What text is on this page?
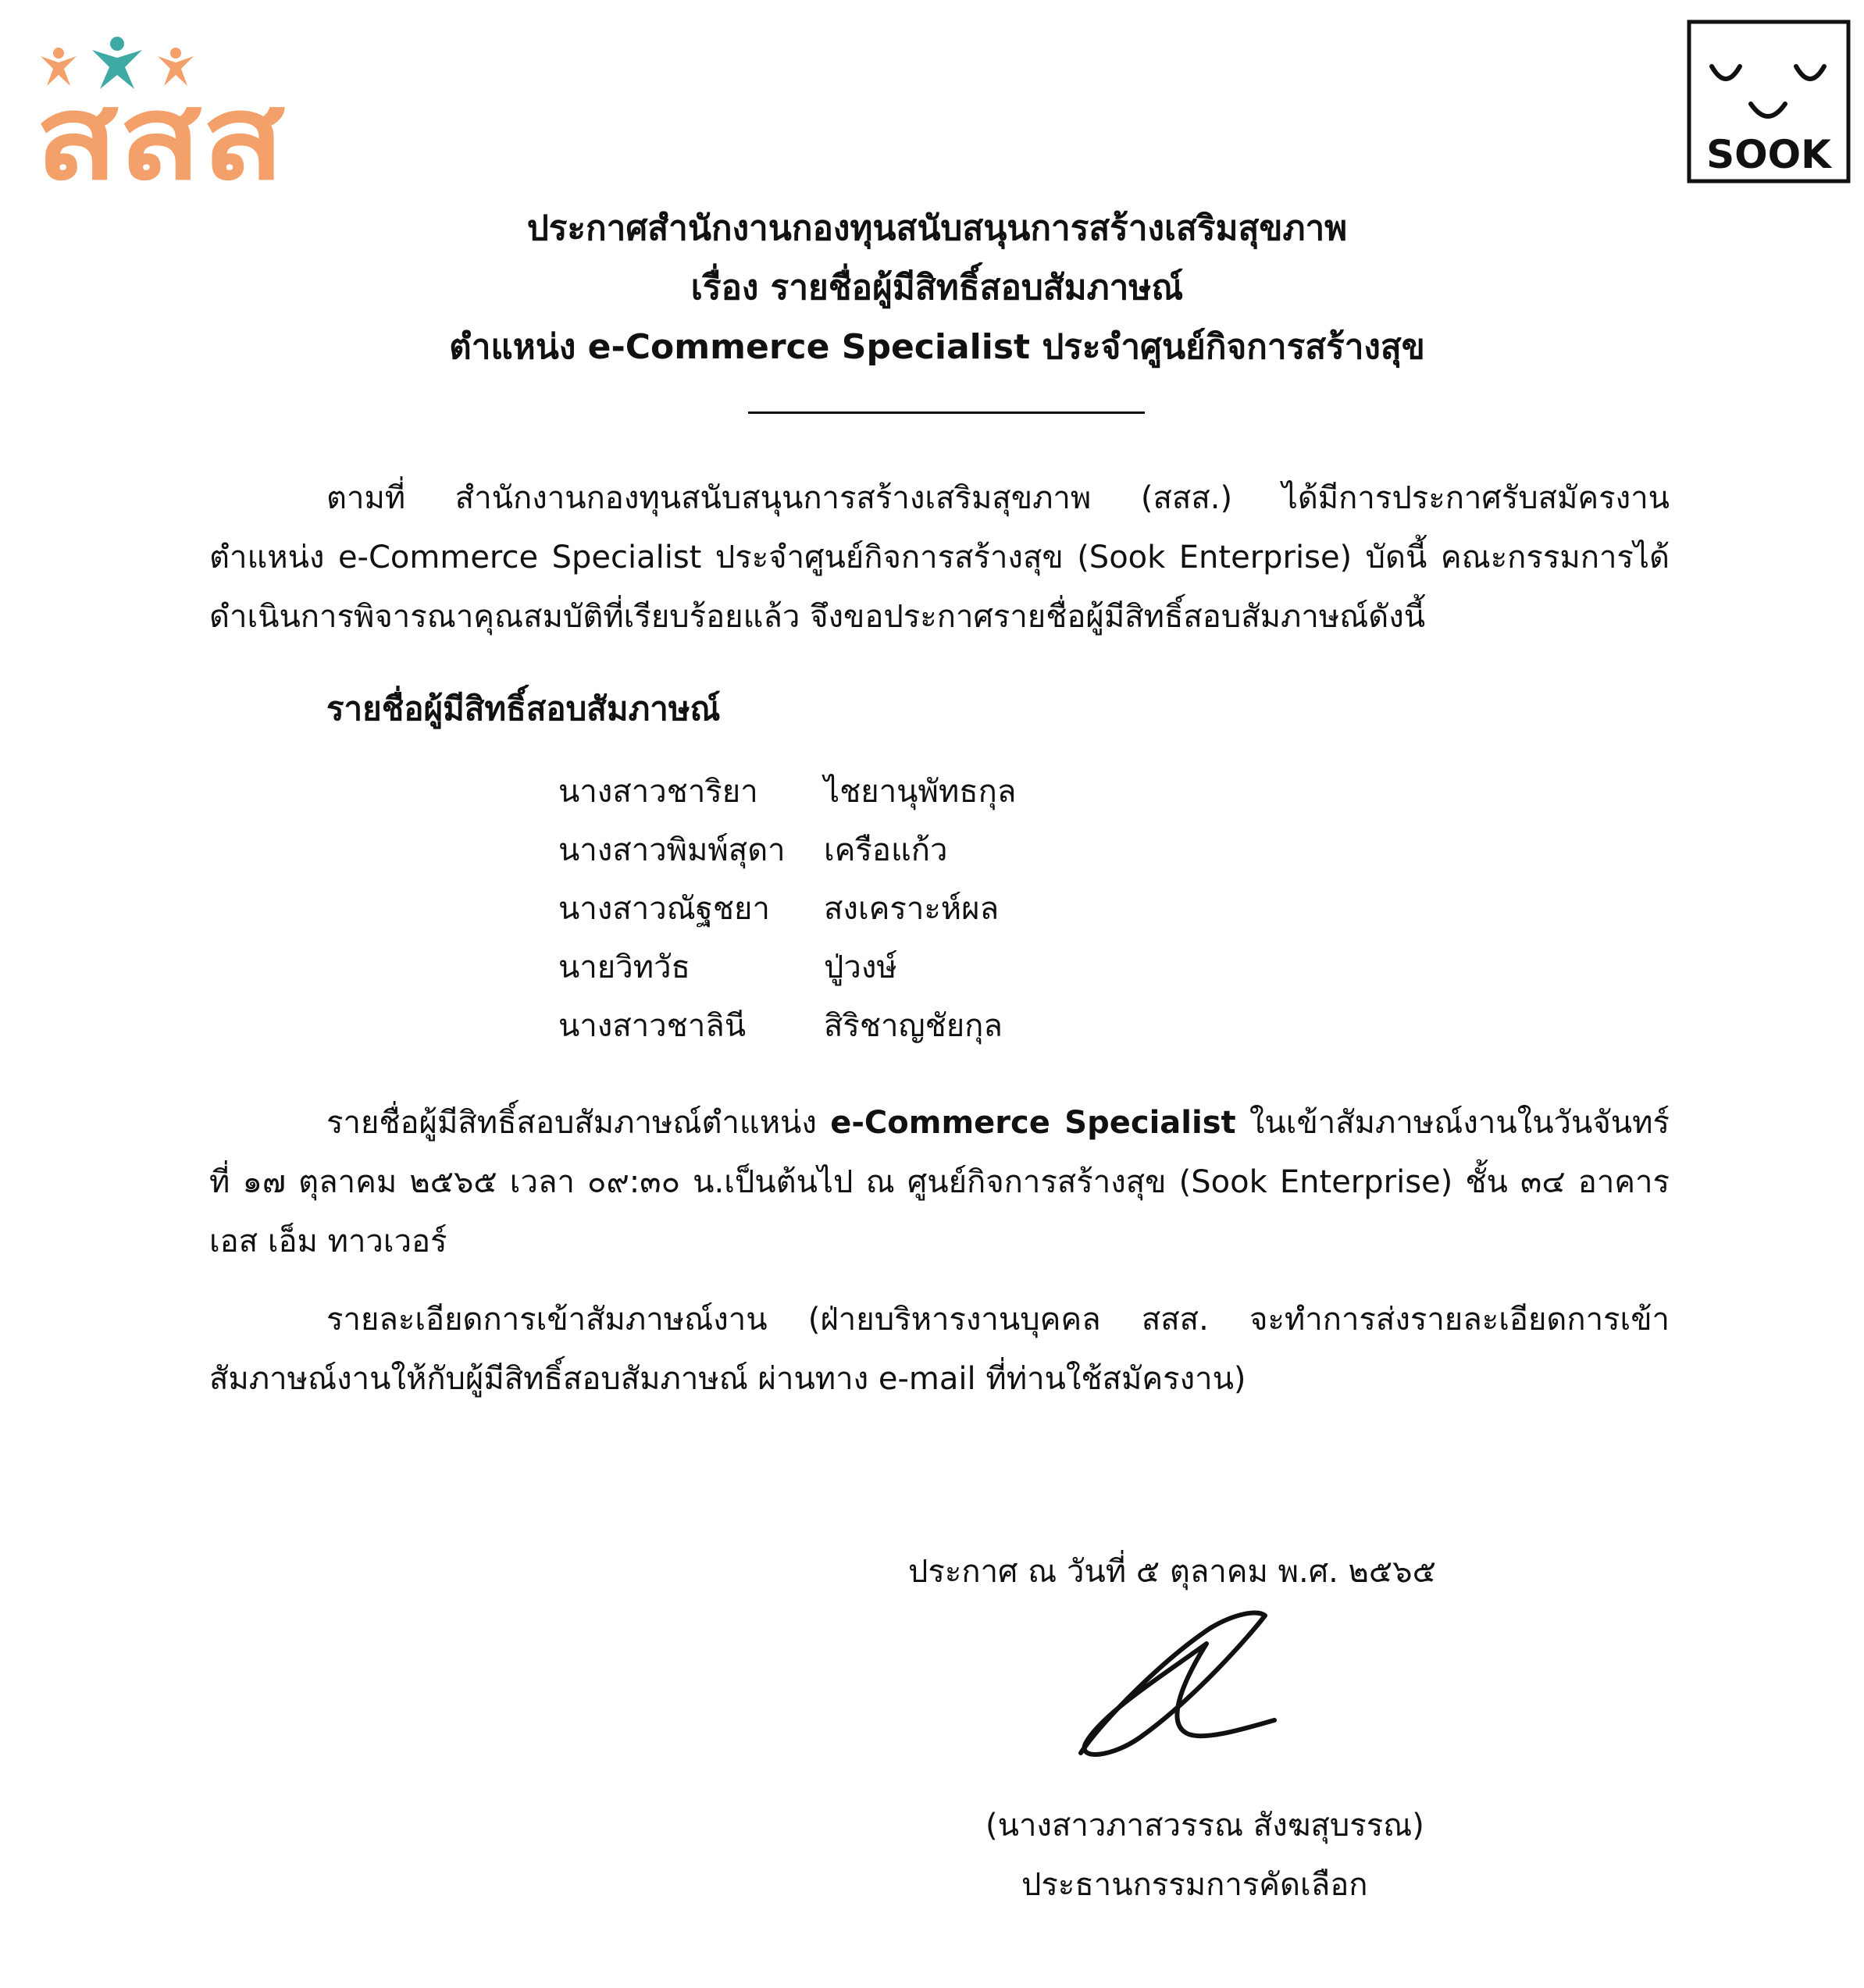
สสส	SOOK
ประกาศสำนักงานกองทุนสนับสนุนการสร้างเสริมสุขภาพ
เรื่อง รายชื่อผู้มีสิทธิ์สอบสัมภาษณ์
ตำแหน่ง e-Commerce Specialist ประจำศูนย์กิจการสร้างสุข
ตามที่ สำนักงานกองทุนสนับสนุนการสร้างเสริมสุขภาพ (สสส.) ได้มีการประกาศรับสมัครงาน ตำแหน่ง e-Commerce Specialist ประจำศูนย์กิจการสร้างสุข (Sook Enterprise) บัดนี้ คณะกรรมการได้ดำเนินการพิจารณาคุณสมบัติที่เรียบร้อยแล้ว จึงขอประกาศรายชื่อผู้มีสิทธิ์สอบสัมภาษณ์ดังนี้
รายชื่อผู้มีสิทธิ์สอบสัมภาษณ์
นางสาวชาริยา	ไชยานุพัทธกุล
นางสาวพิมพ์สุดา	เครือแก้ว
นางสาวณัฐชยา	สงเคราะห์ผล
นายวิทวัธ	ปู่วงษ์
นางสาวชาลินี	สิริชาญชัยกุล
รายชื่อผู้มีสิทธิ์สอบสัมภาษณ์ตำแหน่ง e-Commerce Specialist ในเข้าสัมภาษณ์งานในวันจันทร์ที่ ๑๗ ตุลาคม ๒๕๖๕ เวลา ๐๙:๓๐ น.เป็นต้นไป ณ ศูนย์กิจการสร้างสุข (Sook Enterprise) ชั้น ๓๔ อาคาร เอส เอ็ม ทาวเวอร์
รายละเอียดการเข้าสัมภาษณ์งาน (ฝ่ายบริหารงานบุคคล สสส. จะทำการส่งรายละเอียดการเข้าสัมภาษณ์งานให้กับผู้มีสิทธิ์สอบสัมภาษณ์ ผ่านทาง e-mail ที่ท่านใช้สมัครงาน)
ประกาศ ณ วันที่ ๕ ตุลาคม พ.ศ. ๒๕๖๕
(นางสาวภาสวรรณ สังฆสุบรรณ)
ประธานกรรมการคัดเลือก
